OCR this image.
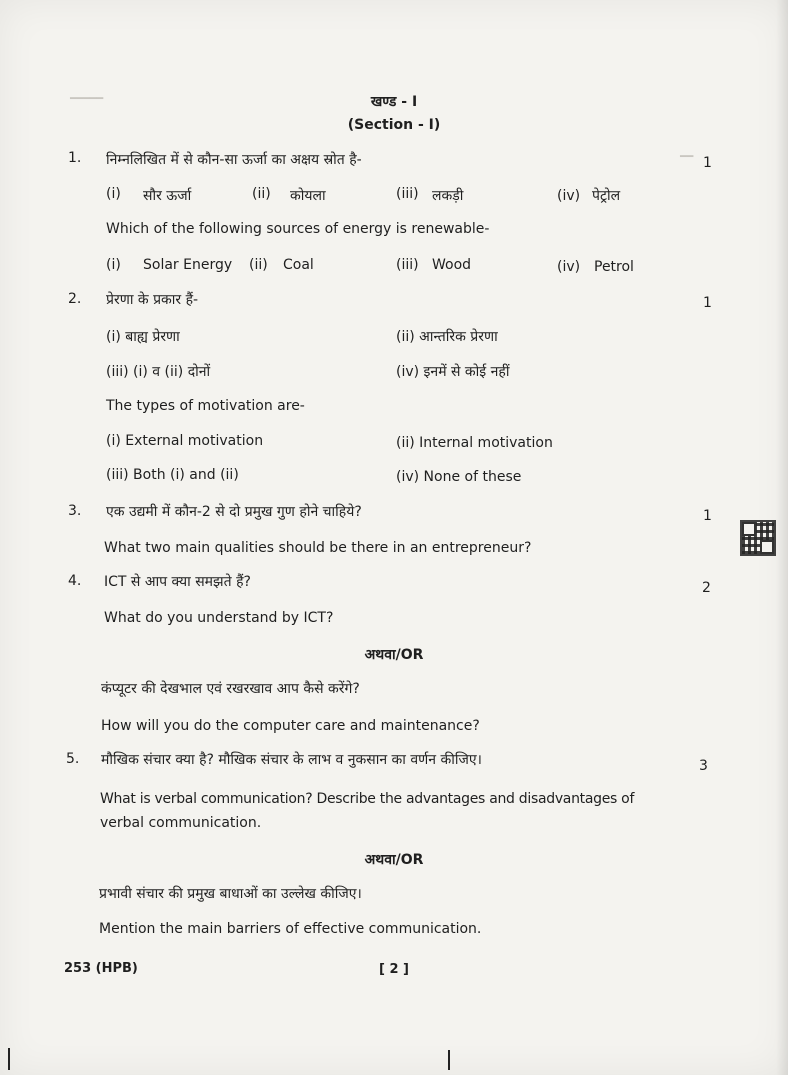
━━━━━
━━
खण्ड - I
(Section - I)
1. निम्नलिखित में से कौन-सा ऊर्जा का अक्षय स्रोत है-	1
(i) सौर ऊर्जा	(ii) कोयला	(iii) लकड़ी	(iv) पेट्रोल
Which of the following sources of energy is renewable-
(i) Solar Energy (ii) Coal	(iii) Wood	(iv) Petrol
2. प्रेरणा के प्रकार हैं-	1
(i) बाह्य प्रेरणा	(ii) आन्तरिक प्रेरणा
(iii) (i) व (ii) दोनों	(iv) इनमें से कोई नहीं
The types of motivation are-
(i) External motivation	(ii) Internal motivation
(iii) Both (i) and (ii)	(iv) None of these
3. एक उद्यमी में कौन-2 से दो प्रमुख गुण होने चाहिये?	1
What two main qualities should be there in an entrepreneur?
4. ICT से आप क्या समझते हैं?	2
What do you understand by ICT?
अथवा/OR
कंप्यूटर की देखभाल एवं रखरखाव आप कैसे करेंगे?
How will you do the computer care and maintenance?
5. मौखिक संचार क्या है? मौखिक संचार के लाभ व नुकसान का वर्णन कीजिए।	3
What is verbal communication? Describe the advantages and disadvantages of
verbal communication.
अथवा/OR
प्रभावी संचार की प्रमुख बाधाओं का उल्लेख कीजिए।
Mention the main barriers of effective communication.
253 (HPB)	[ 2 ]
